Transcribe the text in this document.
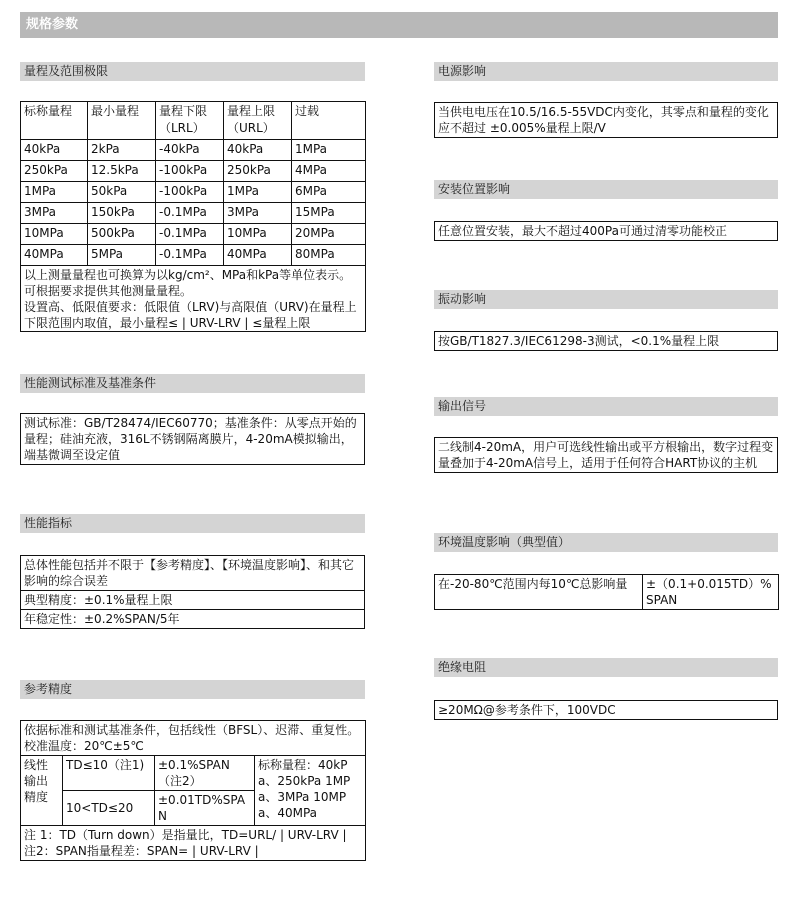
规格参数
量程及范围极限
标称量程	最小量程	量程下限（LRL）	量程上限（URL）	过载
40kPa	2kPa	-40kPa	40kPa	1MPa
250kPa	12.5kPa	-100kPa	250kPa	4MPa
1MPa	50kPa	-100kPa	1MPa	6MPa
3MPa	150kPa	-0.1MPa	3MPa	15MPa
10MPa	500kPa	-0.1MPa	10MPa	20MPa
40MPa	5MPa	-0.1MPa	40MPa	80MPa

以上测量量程也可换算为以kg/cm²、MPa和kPa等单位表示。可根据要求提供其他测量量程。
设置高、低限值要求：低限值（LRV)与高限值（URV)在量程上下限范围内取值，最小量程≤ | URV-LRV | ≤量程上限				
性能测试标准及基准条件
测试标准：GB/T28474/IEC60770；基准条件：从零点开始的量程；硅油充液，316L不锈钢隔离膜片，4-20mA模拟输出，端基微调至设定值
性能指标
总体性能包括并不限于【参考精度】、【环境温度影响】、和其它影响的综合误差
典型精度：±0.1%量程上限
年稳定性：±0.2%SPAN/5年
参考精度
依据标准和测试基准条件，包括线性（BFSL）、迟滞、重复性。校准温度：20℃±5℃			
线性输出精度	TD≤10（注1)	±0.1%SPAN（注2）	标称量程：40kPa、250kPa 1MPa、3MPa 10MPa、40MPa
	10<TD≤20	±0.01TD%SPAN	

注 1：TD（Turn down）是指量比，TD=URL/ | URV-LRV |
注2：SPAN指量程差：SPAN= | URV-LRV |			
电源影响
当供电电压在10.5/16.5-55VDC内变化，其零点和量程的变化应不超过 ±0.005%量程上限/V
安装位置影响
任意位置安装，最大不超过400Pa可通过清零功能校正
振动影响
按GB/T1827.3/IEC61298-3测试，<0.1%量程上限
输出信号
二线制4-20mA，用户可选线性输出或平方根输出，数字过程变量叠加于4-20mA信号上，适用于任何符合HART协议的主机
环境温度影响（典型值）
在-20-80℃范围内每10℃总影响量	±（0.1+0.015TD）%SPAN
绝缘电阻
≥20MΩ@参考条件下，100VDC
